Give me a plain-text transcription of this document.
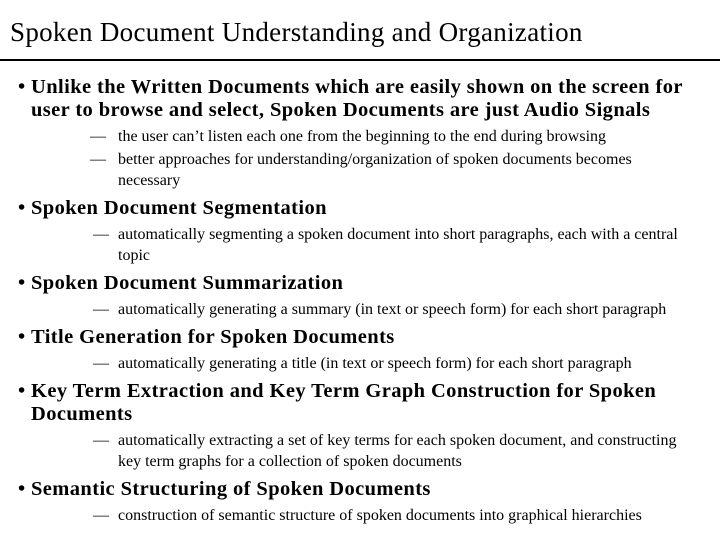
Spoken Document Understanding and Organization
• Unlike the Written Documents which are easily shown on the screen for user to browse and select, Spoken Documents are just Audio Signals
— the user can’t listen each one from the beginning to the end during browsing
— better approaches for understanding/organization of spoken documents becomes necessary
• Spoken Document Segmentation
— automatically segmenting a spoken document into short paragraphs, each with a central topic
• Spoken Document Summarization
— automatically generating a summary (in text or speech form) for each short paragraph
• Title Generation for Spoken Documents
— automatically generating a title (in text or speech form) for each short paragraph
• Key Term Extraction and Key Term Graph Construction for Spoken Documents
— automatically extracting a set of key terms for each spoken document, and constructing key term graphs for a collection of spoken documents
• Semantic Structuring of Spoken Documents
— construction of semantic structure of spoken documents into graphical hierarchies
